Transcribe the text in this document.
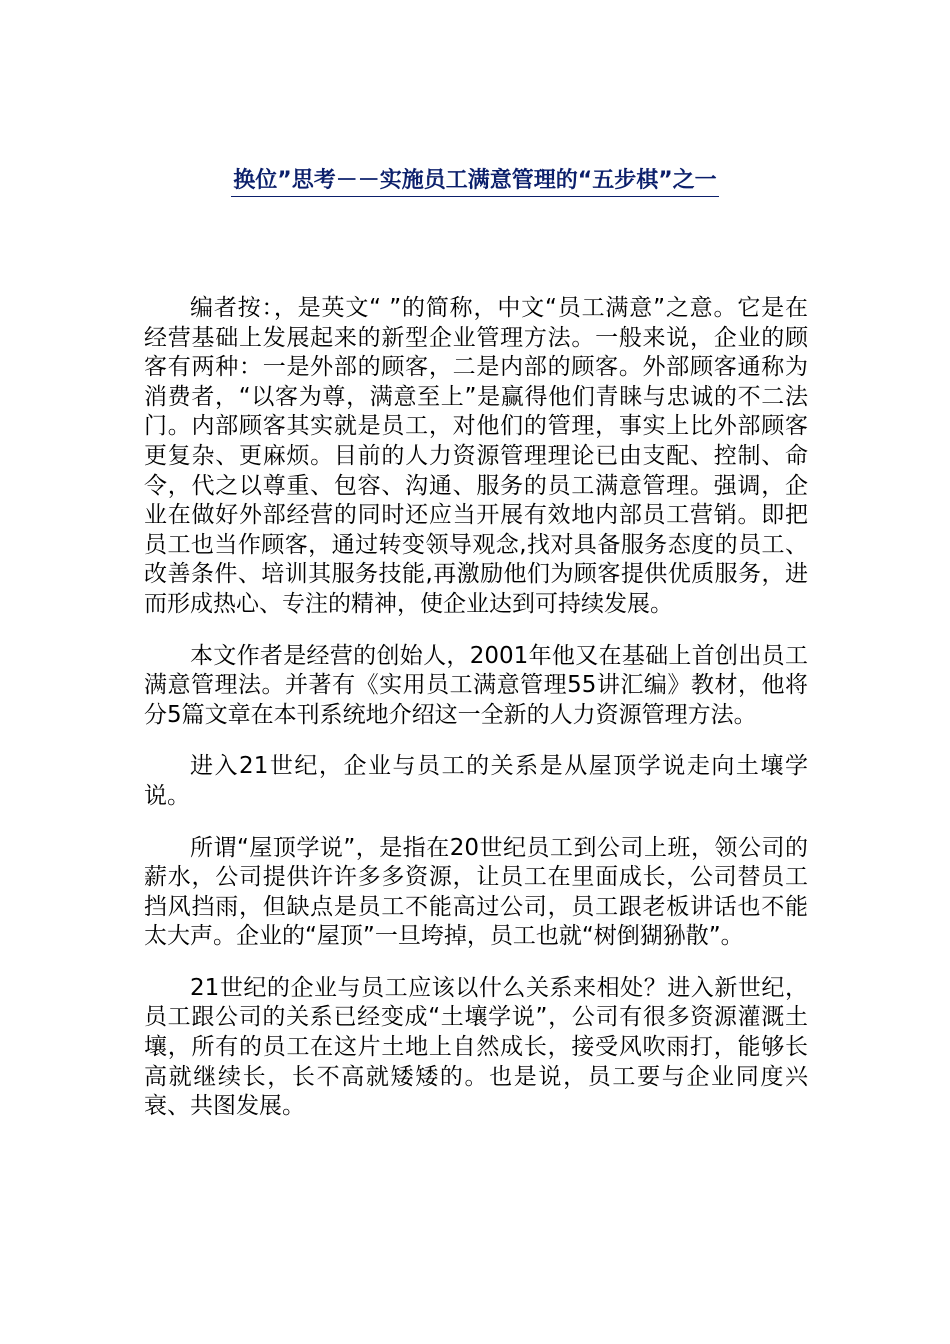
换位”思考－－实施员工满意管理的“五步棋”之一

编者按：，是英文“ ”的简称，中文“员工满意”之意。它是在经营基础上发展起来的新型企业管理方法。一般来说，企业的顾客有两种：一是外部的顾客，二是内部的顾客。外部顾客通称为消费者，“以客为尊，满意至上”是赢得他们青睐与忠诚的不二法门。内部顾客其实就是员工，对他们的管理，事实上比外部顾客更复杂、更麻烦。目前的人力资源管理理论已由支配、控制、命令，代之以尊重、包容、沟通、服务的员工满意管理。强调，企业在做好外部经营的同时还应当开展有效地内部员工营销。即把员工也当作顾客，通过转变领导观念,找对具备服务态度的员工、改善条件、培训其服务技能,再激励他们为顾客提供优质服务，进而形成热心、专注的精神，使企业达到可持续发展。

本文作者是经营的创始人，2001年他又在基础上首创出员工满意管理法。并著有《实用员工满意管理55讲汇编》教材，他将分5篇文章在本刊系统地介绍这一全新的人力资源管理方法。

进入21世纪，企业与员工的关系是从屋顶学说走向土壤学说。

所谓“屋顶学说”，是指在20世纪员工到公司上班，领公司的薪水，公司提供许许多多资源，让员工在里面成长，公司替员工挡风挡雨，但缺点是员工不能高过公司，员工跟老板讲话也不能太大声。企业的“屋顶”一旦垮掉，员工也就“树倒猢狲散”。

21世纪的企业与员工应该以什么关系来相处？进入新世纪，员工跟公司的关系已经变成“土壤学说”，公司有很多资源灌溉土壤，所有的员工在这片土地上自然成长，接受风吹雨打，能够长高就继续长，长不高就矮矮的。也是说，员工要与企业同度兴衰、共图发展。
